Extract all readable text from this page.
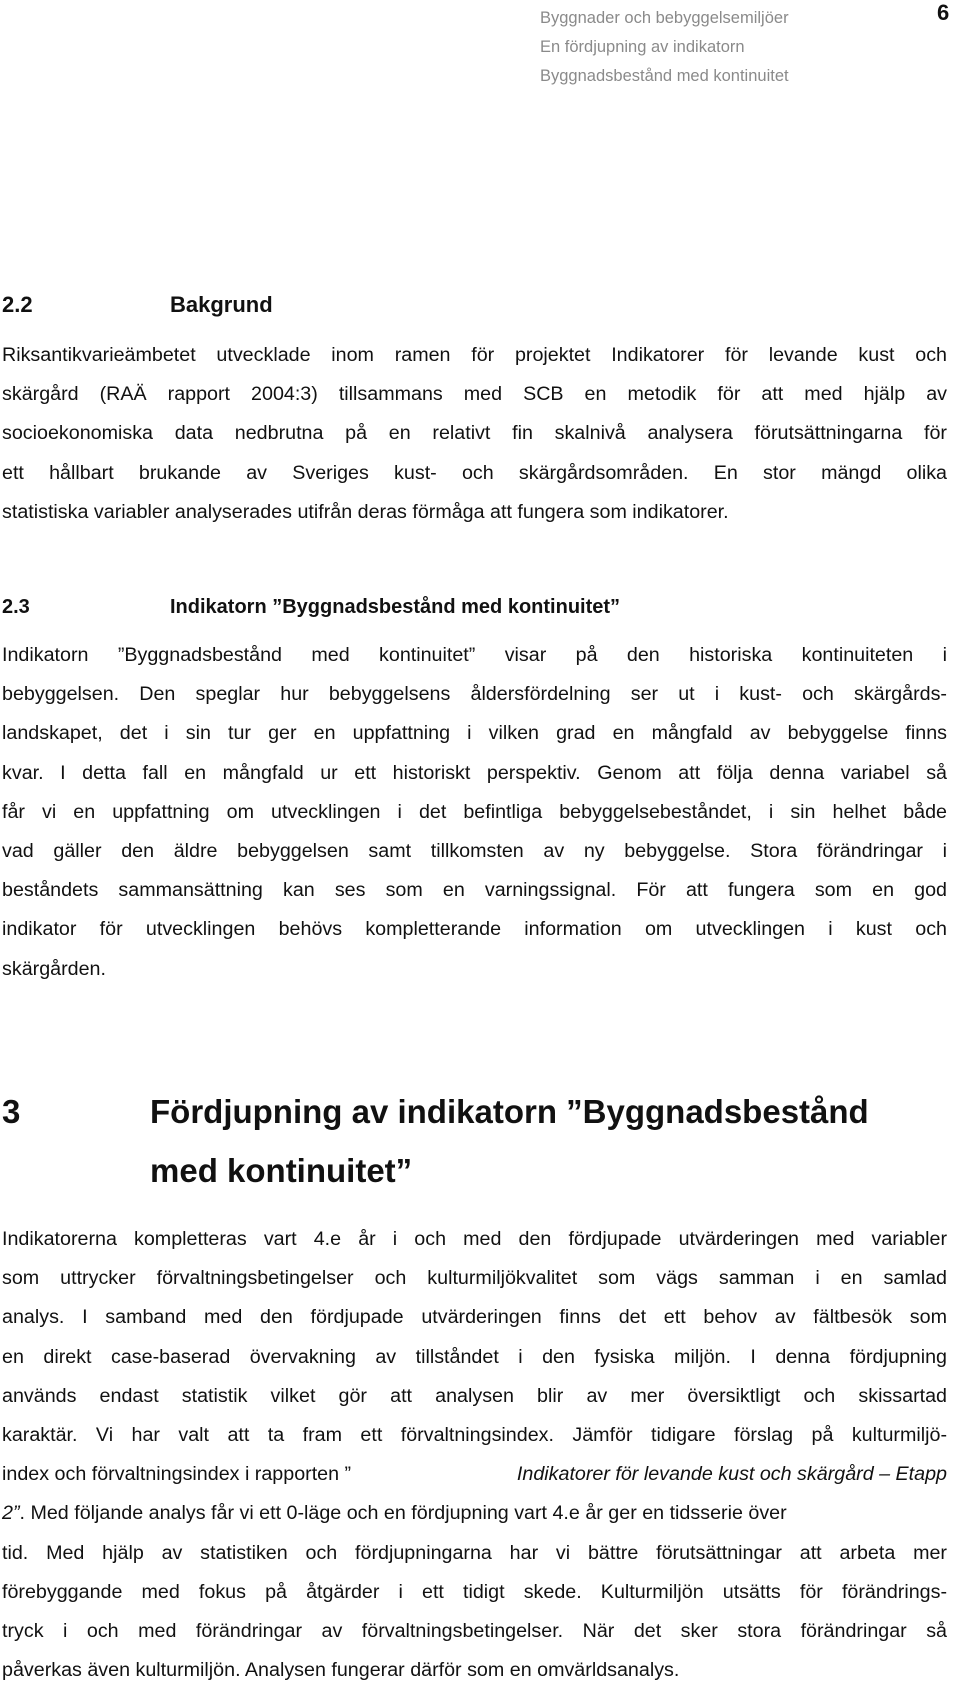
Byggnader och bebyggelsemiljöer
En fördjupning av indikatorn
Byggnadsbestånd med kontinuitet
6
2.2	Bakgrund
Riksantikvarieämbetet utvecklade inom ramen för projektet Indikatorer för levande kust och
skärgård (RAÄ rapport 2004:3) tillsammans med SCB en metodik för att med hjälp av
socioekonomiska data nedbrutna på en relativt fin skalnivå analysera förutsättningarna för
ett hållbart brukande av Sveriges kust- och skärgårdsområden. En stor mängd olika
statistiska variabler analyserades utifrån deras förmåga att fungera som indikatorer.
2.3	Indikatorn ”Byggnadsbestånd med kontinuitet”
Indikatorn ”Byggnadsbestånd med kontinuitet” visar på den historiska kontinuiteten i
bebyggelsen. Den speglar hur bebyggelsens åldersfördelning ser ut i kust- och skärgårds-
landskapet, det i sin tur ger en uppfattning i vilken grad en mångfald av bebyggelse finns
kvar. I detta fall en mångfald ur ett historiskt perspektiv. Genom att följa denna variabel så
får vi en uppfattning om utvecklingen i det befintliga bebyggelsebeståndet, i sin helhet både
vad gäller den äldre bebyggelsen samt tillkomsten av ny bebyggelse. Stora förändringar i
beståndets sammansättning kan ses som en varningssignal. För att fungera som en god
indikator för utvecklingen behövs kompletterande information om utvecklingen i kust och
skärgården.
3	Fördjupning av indikatorn ”Byggnadsbestånd
med kontinuitet”
Indikatorerna kompletteras vart 4.e år i och med den fördjupade utvärderingen med variabler
som uttrycker förvaltningsbetingelser och kulturmiljökvalitet som vägs samman i en samlad
analys. I samband med den fördjupade utvärderingen finns det ett behov av fältbesök som
en direkt case-baserad övervakning av tillståndet i den fysiska miljön. I denna fördjupning
används endast statistik vilket gör att analysen blir av mer översiktligt och skissartad
karaktär. Vi har valt att ta fram ett förvaltningsindex. Jämför tidigare förslag på kulturmiljö-
index och förvaltningsindex i rapporten ”	Indikatorer för levande kust och skärgård – Etapp
2”. Med följande analys får vi ett 0-läge och en fördjupning vart 4.e år ger en tidsserie över
tid. Med hjälp av statistiken och fördjupningarna har vi bättre förutsättningar att arbeta mer
förebyggande med fokus på åtgärder i ett tidigt skede. Kulturmiljön utsätts för förändrings-
tryck i och med förändringar av förvaltningsbetingelser. När det sker stora förändringar så
påverkas även kulturmiljön. Analysen fungerar därför som en omvärldsanalys.
